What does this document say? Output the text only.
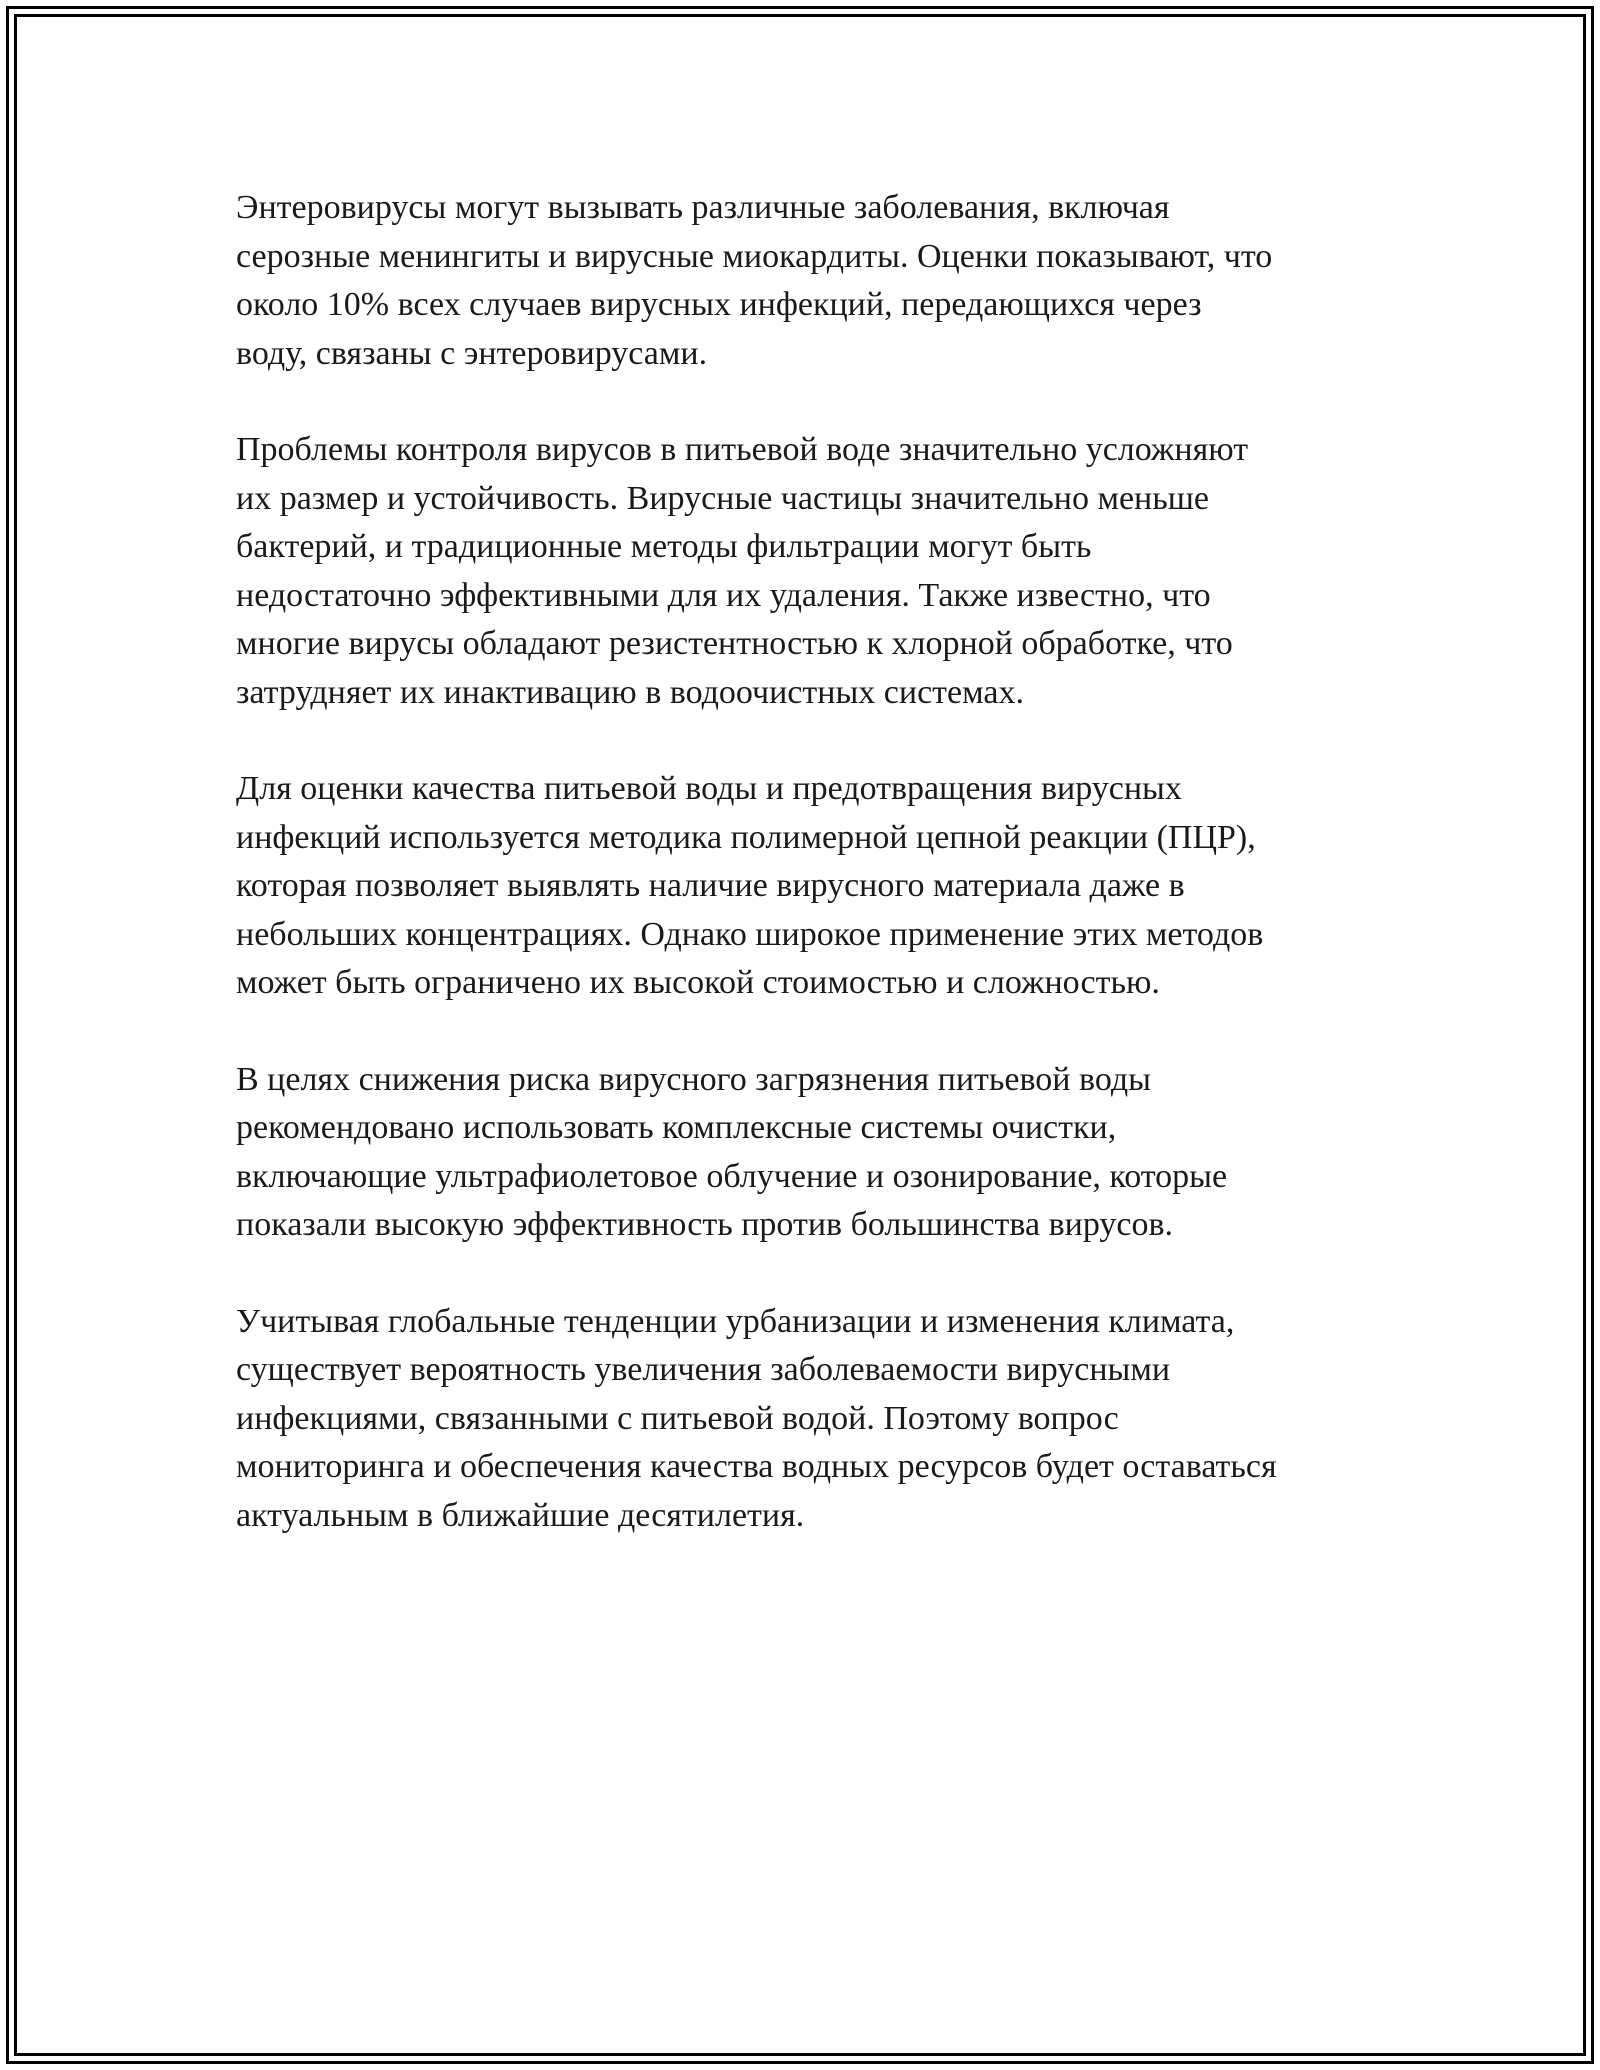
Энтеровирусы могут вызывать различные заболевания, включая
серозные менингиты и вирусные миокардиты. Оценки показывают, что
около 10% всех случаев вирусных инфекций, передающихся через
воду, связаны с энтеровирусами.

Проблемы контроля вирусов в питьевой воде значительно усложняют
их размер и устойчивость. Вирусные частицы значительно меньше
бактерий, и традиционные методы фильтрации могут быть
недостаточно эффективными для их удаления. Также известно, что
многие вирусы обладают резистентностью к хлорной обработке, что
затрудняет их инактивацию в водоочистных системах.

Для оценки качества питьевой воды и предотвращения вирусных
инфекций используется методика полимерной цепной реакции (ПЦР),
которая позволяет выявлять наличие вирусного материала даже в
небольших концентрациях. Однако широкое применение этих методов
может быть ограничено их высокой стоимостью и сложностью.

В целях снижения риска вирусного загрязнения питьевой воды
рекомендовано использовать комплексные системы очистки,
включающие ультрафиолетовое облучение и озонирование, которые
показали высокую эффективность против большинства вирусов.

Учитывая глобальные тенденции урбанизации и изменения климата,
существует вероятность увеличения заболеваемости вирусными
инфекциями, связанными с питьевой водой. Поэтому вопрос
мониторинга и обеспечения качества водных ресурсов будет оставаться
актуальным в ближайшие десятилетия.
